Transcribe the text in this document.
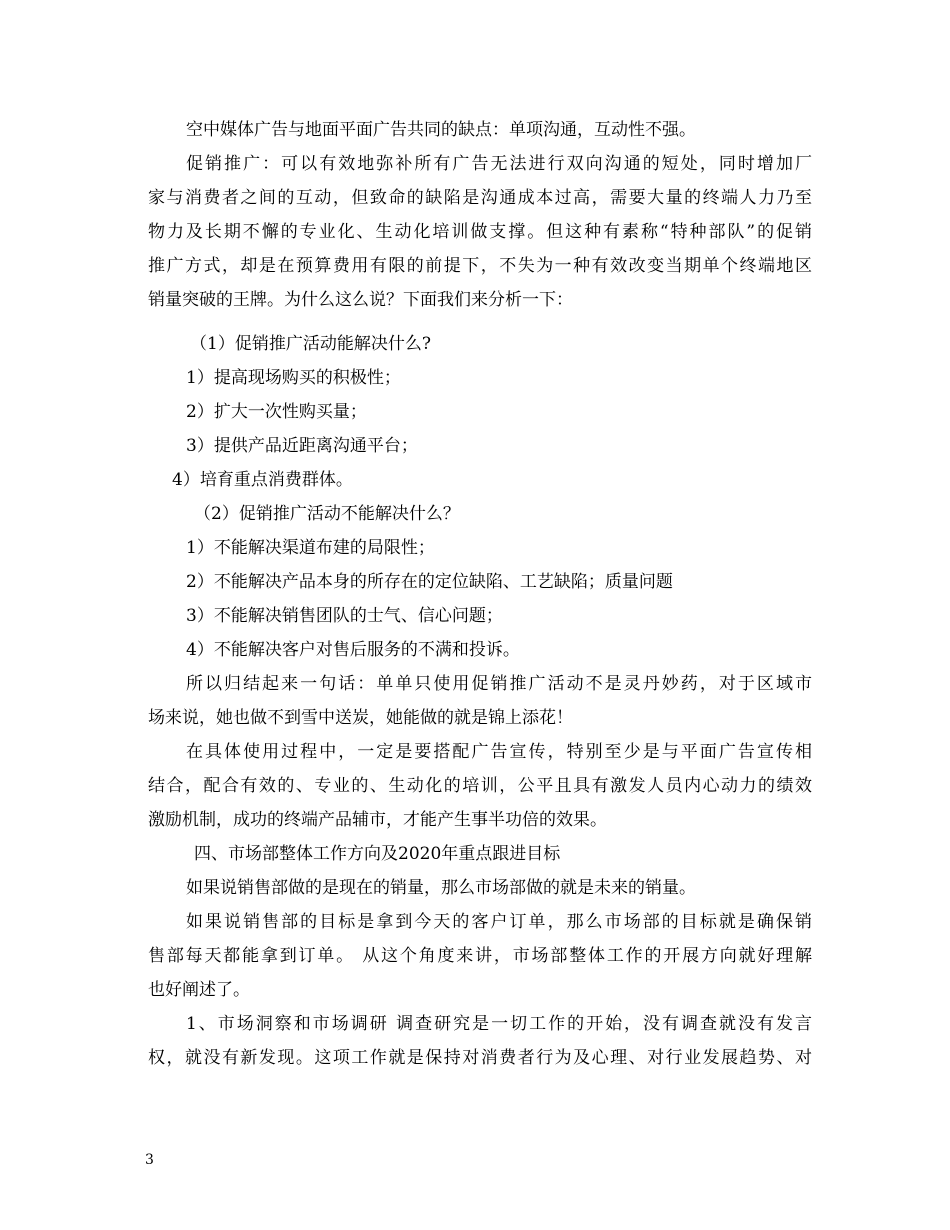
空中媒体广告与地面平面广告共同的缺点：单项沟通，互动性不强。
促销推广：可以有效地弥补所有广告无法进行双向沟通的短处，同时增加厂
家与消费者之间的互动，但致命的缺陷是沟通成本过高，需要大量的终端人力乃至
物力及长期不懈的专业化、生动化培训做支撑。但这种有素称“特种部队”的促销
推广方式，却是在预算费用有限的前提下，不失为一种有效改变当期单个终端地区
销量突破的王牌。为什么这么说？下面我们来分析一下：
（1）促销推广活动能解决什么?
1）提高现场购买的积极性；
2）扩大一次性购买量；
3）提供产品近距离沟通平台；
4）培育重点消费群体。
（2）促销推广活动不能解决什么？
1）不能解决渠道布建的局限性；
2）不能解决产品本身的所存在的定位缺陷、工艺缺陷；质量问题
3）不能解决销售团队的士气、信心问题；
4）不能解决客户对售后服务的不满和投诉。
所以归结起来一句话：单单只使用促销推广活动不是灵丹妙药，对于区域市
场来说，她也做不到雪中送炭，她能做的就是锦上添花！
在具体使用过程中，一定是要搭配广告宣传，特别至少是与平面广告宣传相
结合，配合有效的、专业的、生动化的培训，公平且具有激发人员内心动力的绩效
激励机制，成功的终端产品辅市，才能产生事半功倍的效果。
四、市场部整体工作方向及2020年重点跟进目标
如果说销售部做的是现在的销量，那么市场部做的就是未来的销量。
如果说销售部的目标是拿到今天的客户订单，那么市场部的目标就是确保销
售部每天都能拿到订单。 从这个角度来讲，市场部整体工作的开展方向就好理解
也好阐述了。
1、市场洞察和市场调研 调查研究是一切工作的开始，没有调查就没有发言
权，就没有新发现。这项工作就是保持对消费者行为及心理、对行业发展趋势、对
3
